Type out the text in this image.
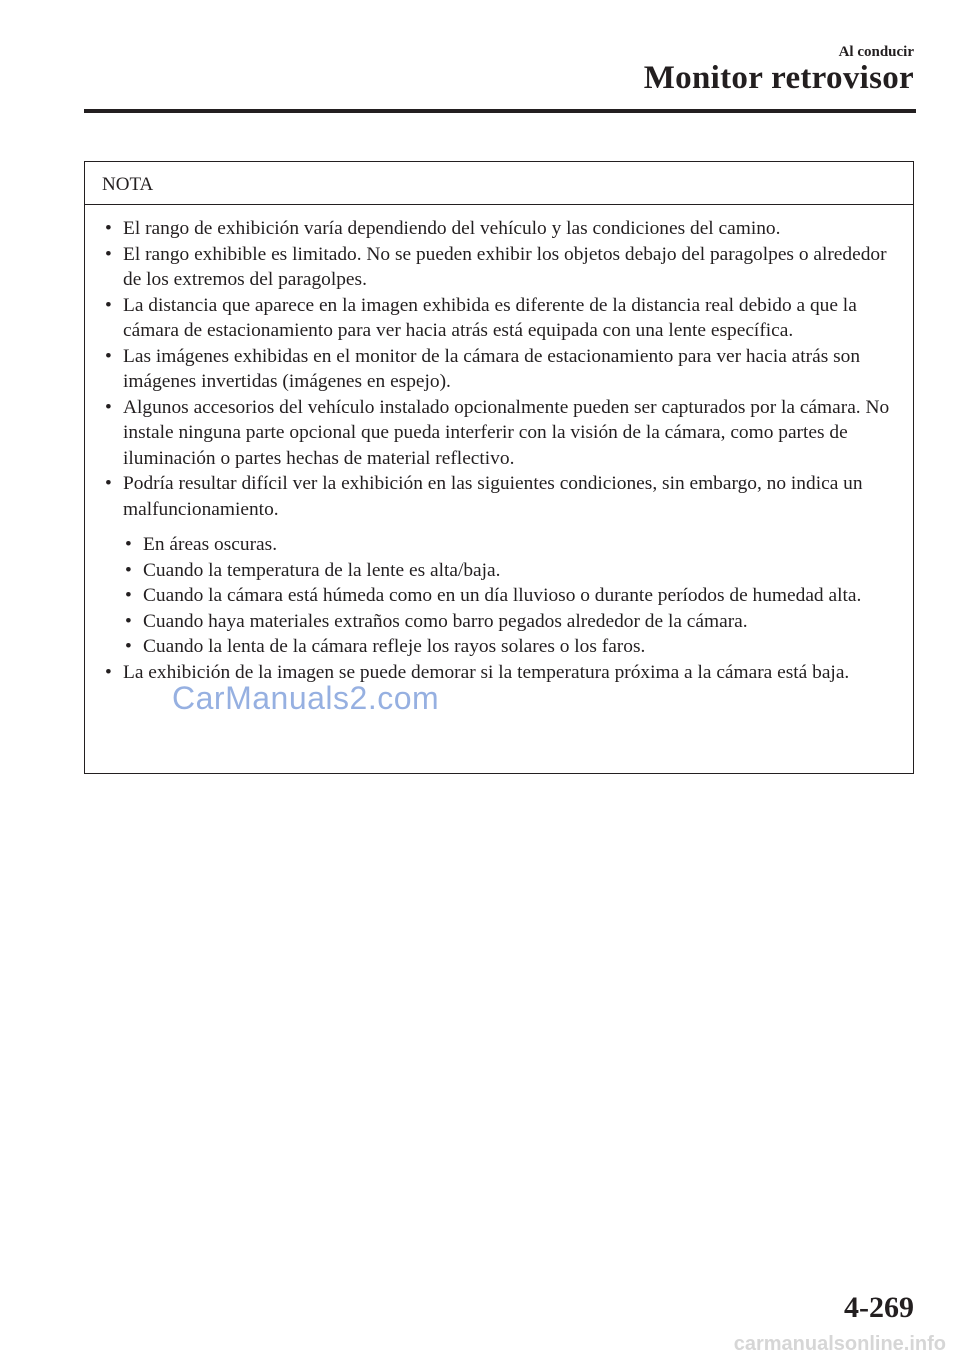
Al conducir
Monitor retrovisor
NOTA
• El rango de exhibición varía dependiendo del vehículo y las condiciones del camino.
• El rango exhibible es limitado. No se pueden exhibir los objetos debajo del paragolpes o alrededor de los extremos del paragolpes.
• La distancia que aparece en la imagen exhibida es diferente de la distancia real debido a que la cámara de estacionamiento para ver hacia atrás está equipada con una lente específica.
• Las imágenes exhibidas en el monitor de la cámara de estacionamiento para ver hacia atrás son imágenes invertidas (imágenes en espejo).
• Algunos accesorios del vehículo instalado opcionalmente pueden ser capturados por la cámara. No instale ninguna parte opcional que pueda interferir con la visión de la cámara, como partes de iluminación o partes hechas de material reflectivo.
• Podría resultar difícil ver la exhibición en las siguientes condiciones, sin embargo, no indica un malfuncionamiento.
• En áreas oscuras.
• Cuando la temperatura de la lente es alta/baja.
• Cuando la cámara está húmeda como en un día lluvioso o durante períodos de humedad alta.
• Cuando haya materiales extraños como barro pegados alrededor de la cámara.
• Cuando la lenta de la cámara refleje los rayos solares o los faros.
• La exhibición de la imagen se puede demorar si la temperatura próxima a la cámara está baja.
CarManuals2.com
4-269
carmanualsonline.info
